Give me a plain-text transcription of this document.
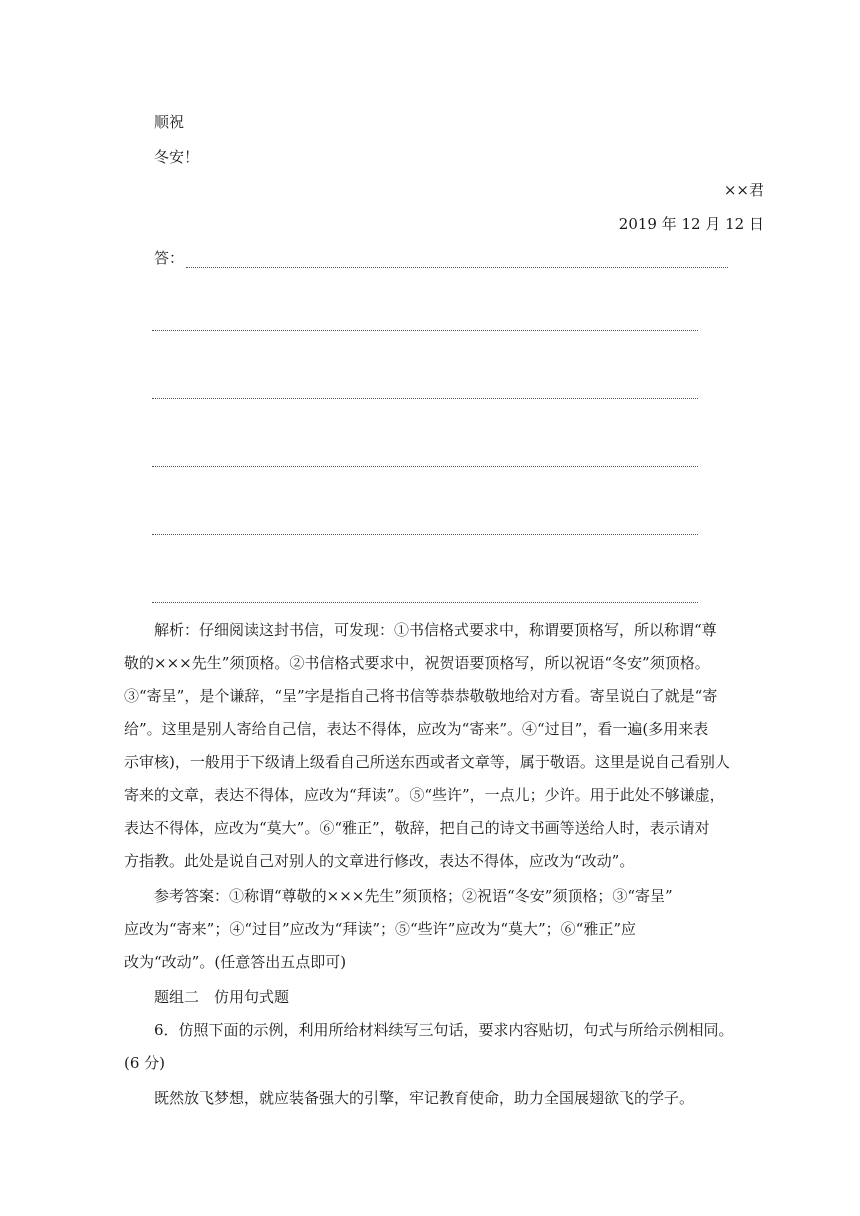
顺祝
冬安！
××君
2019 年 12 月 12 日
答：
解析：仔细阅读这封书信，可发现：①书信格式要求中，称谓要顶格写，所以称谓“尊
敬的×××先生”须顶格。②书信格式要求中，祝贺语要顶格写，所以祝语“冬安”须顶格。
③“寄呈”，是个谦辞，“呈”字是指自己将书信等恭恭敬敬地给对方看。寄呈说白了就是“寄
给”。这里是别人寄给自己信，表达不得体，应改为“寄来”。④“过目”，看一遍(多用来表
示审核)，一般用于下级请上级看自己所送东西或者文章等，属于敬语。这里是说自己看别人
寄来的文章，表达不得体，应改为“拜读”。⑤“些许”，一点儿；少许。用于此处不够谦虚，
表达不得体，应改为“莫大”。⑥“雅正”，敬辞，把自己的诗文书画等送给人时，表示请对
方指教。此处是说自己对别人的文章进行修改，表达不得体，应改为“改动”。
参考答案：①称谓“尊敬的×××先生”须顶格；②祝语“冬安”须顶格；③“寄呈”
应改为“寄来”；④“过目”应改为“拜读”；⑤“些许”应改为“莫大”；⑥“雅正”应
改为“改动”。(任意答出五点即可)
题组二　仿用句式题
6．仿照下面的示例，利用所给材料续写三句话，要求内容贴切，句式与所给示例相同。
(6 分)
既然放飞梦想，就应装备强大的引擎，牢记教育使命，助力全国展翅欲飞的学子。
